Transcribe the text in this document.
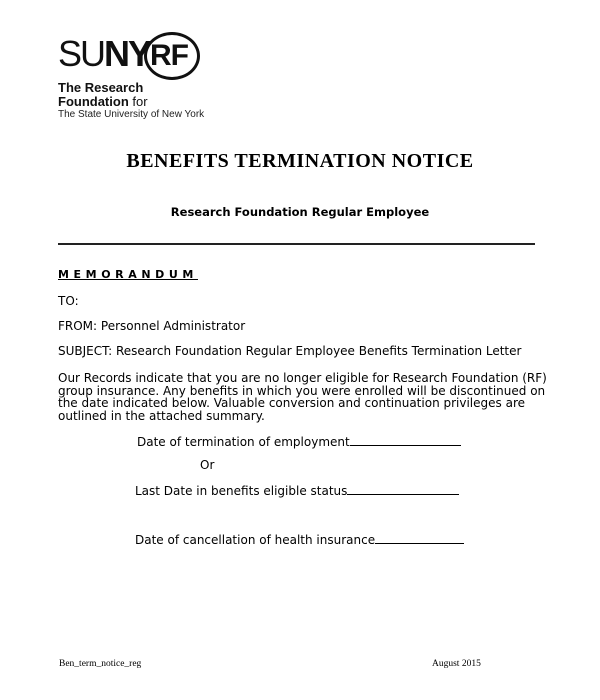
SUNY RF
The Research
Foundation for
The State University of New York
BENEFITS TERMINATION NOTICE
Research Foundation Regular Employee
MEMORANDUM
TO:
FROM: Personnel Administrator
SUBJECT: Research Foundation Regular Employee Benefits Termination Letter
Our Records indicate that you are no longer eligible for Research Foundation (RF) group insurance. Any benefits in which you were enrolled will be discontinued on the date indicated below. Valuable conversion and continuation privileges are outlined in the attached summary.
Date of termination of employment
Or
Last Date in benefits eligible status
Date of cancellation of health insurance
Ben_term_notice_reg	August 2015
